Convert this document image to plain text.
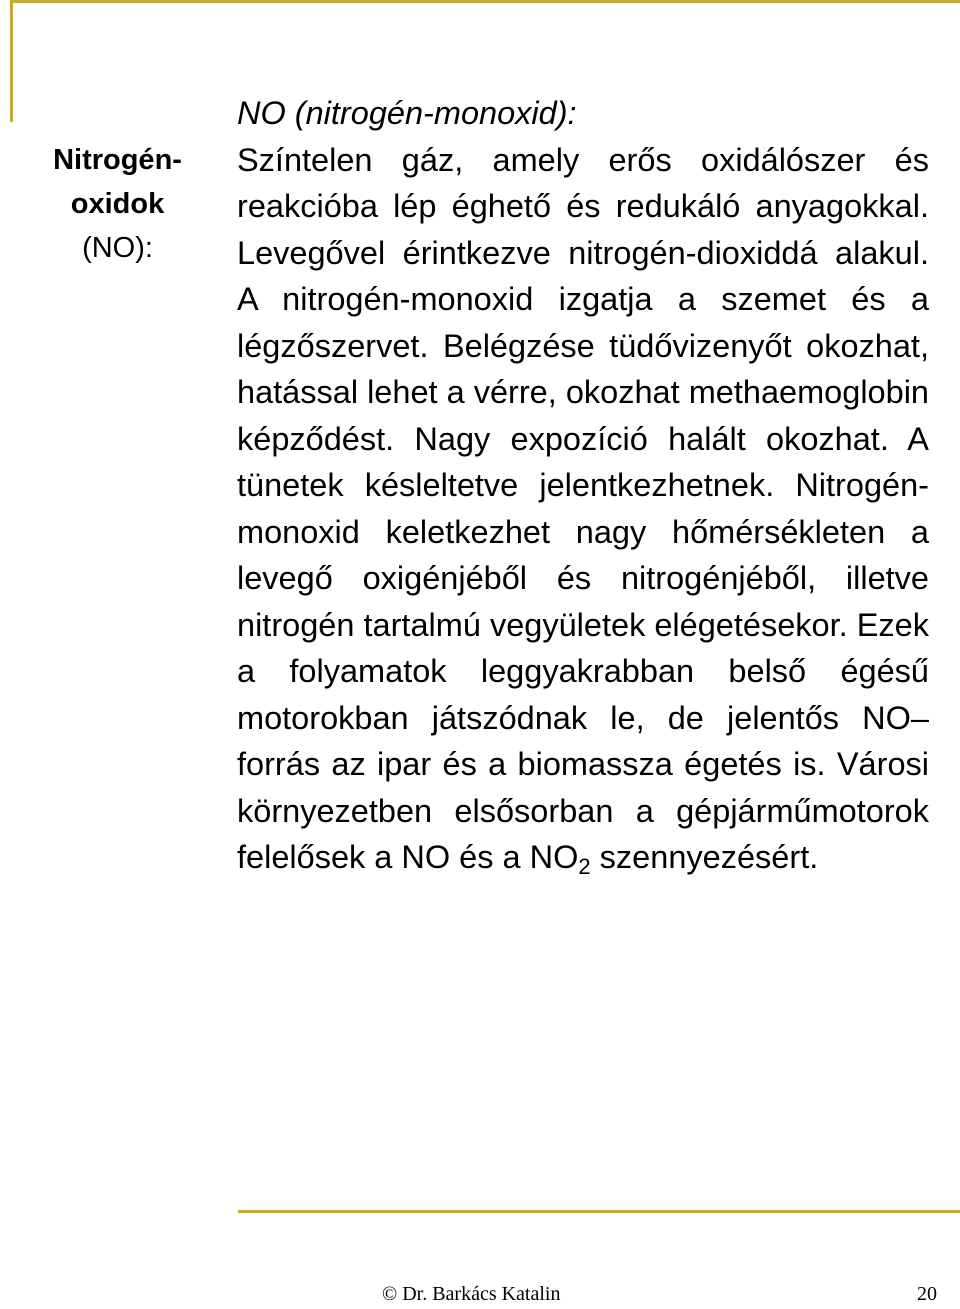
Nitrogén-
oxidok
(NO):

NO (nitrogén-monoxid):

Színtelen gáz, amely erős oxidálószer és reakcióba lép éghető és redukáló anyagokkal. Levegővel érintkezve nitrogén-dioxiddá alakul. A nitrogén-monoxid izgatja a szemet és a légzőszervet. Belégzése tüdővizenyőt okozhat, hatással lehet a vérre, okozhat methaemoglobin képződést. Nagy expozíció halált okozhat. A tünetek késleltetve jelentkezhetnek. Nitrogén-monoxid keletkezhet nagy hőmérsékleten a levegő oxigénjéből és nitrogénjéből, illetve nitrogén tartalmú vegyületek elégetésekor. Ezek a folyamatok leggyakrabban belső égésű motorokban játszódnak le, de jelentős NO–forrás az ipar és a biomassza égetés is. Városi környezetben elsősorban a gépjárműmotorok felelősek a NO és a $NO_2$ szennyezésért.

© Dr. Barkács Katalin	20
